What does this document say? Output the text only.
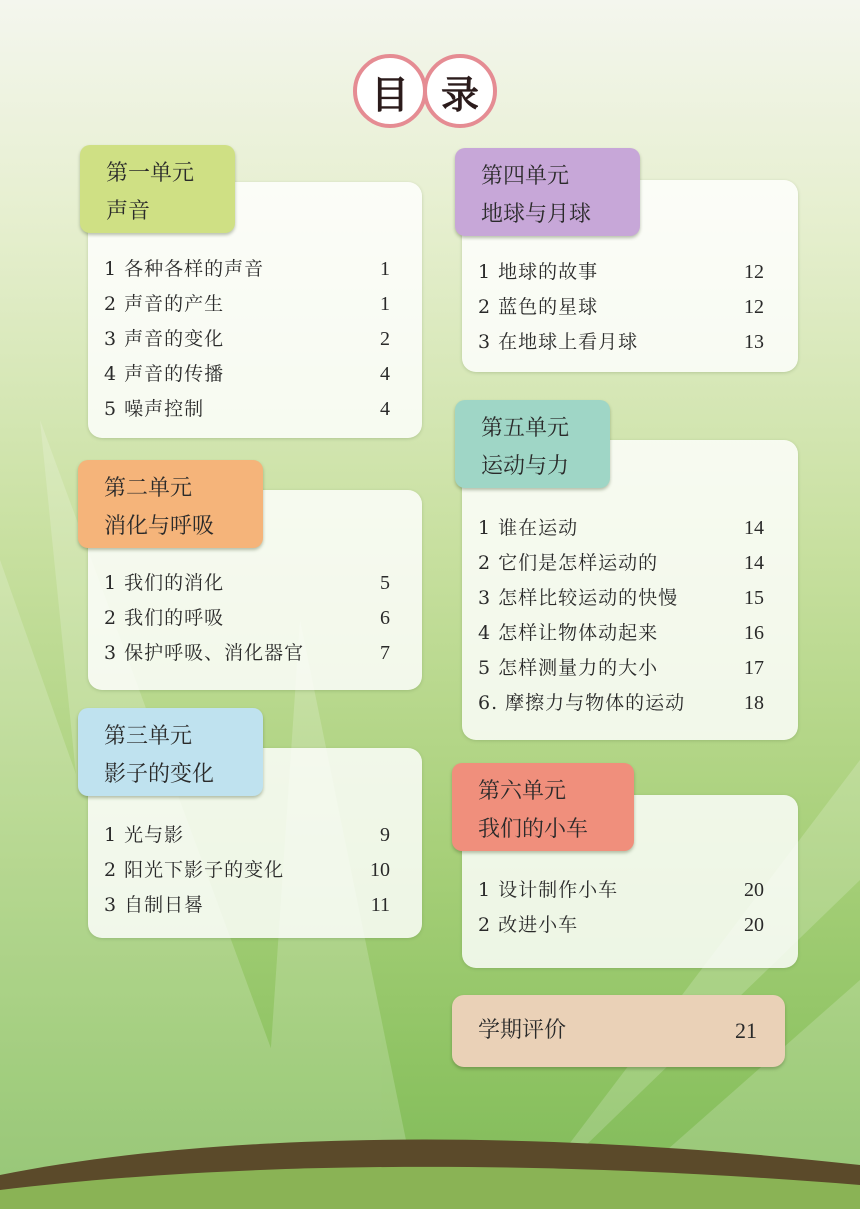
目 录
第一单元
声音
1 各种各样的声音	1
2 声音的产生	1
3 声音的变化	2
4 声音的传播	4
5 噪声控制	4
第二单元
消化与呼吸
1 我们的消化	5
2 我们的呼吸	6
3 保护呼吸、消化器官	7
第三单元
影子的变化
1 光与影	9
2 阳光下影子的变化	10
3 自制日晷	11
第四单元
地球与月球
1 地球的故事	12
2 蓝色的星球	12
3 在地球上看月球	13
第五单元
运动与力
1 谁在运动	14
2 它们是怎样运动的	14
3 怎样比较运动的快慢	15
4 怎样让物体动起来	16
5 怎样测量力的大小	17
6. 摩擦力与物体的运动	18
第六单元
我们的小车
1 设计制作小车	20
2 改进小车	20
学期评价	21
